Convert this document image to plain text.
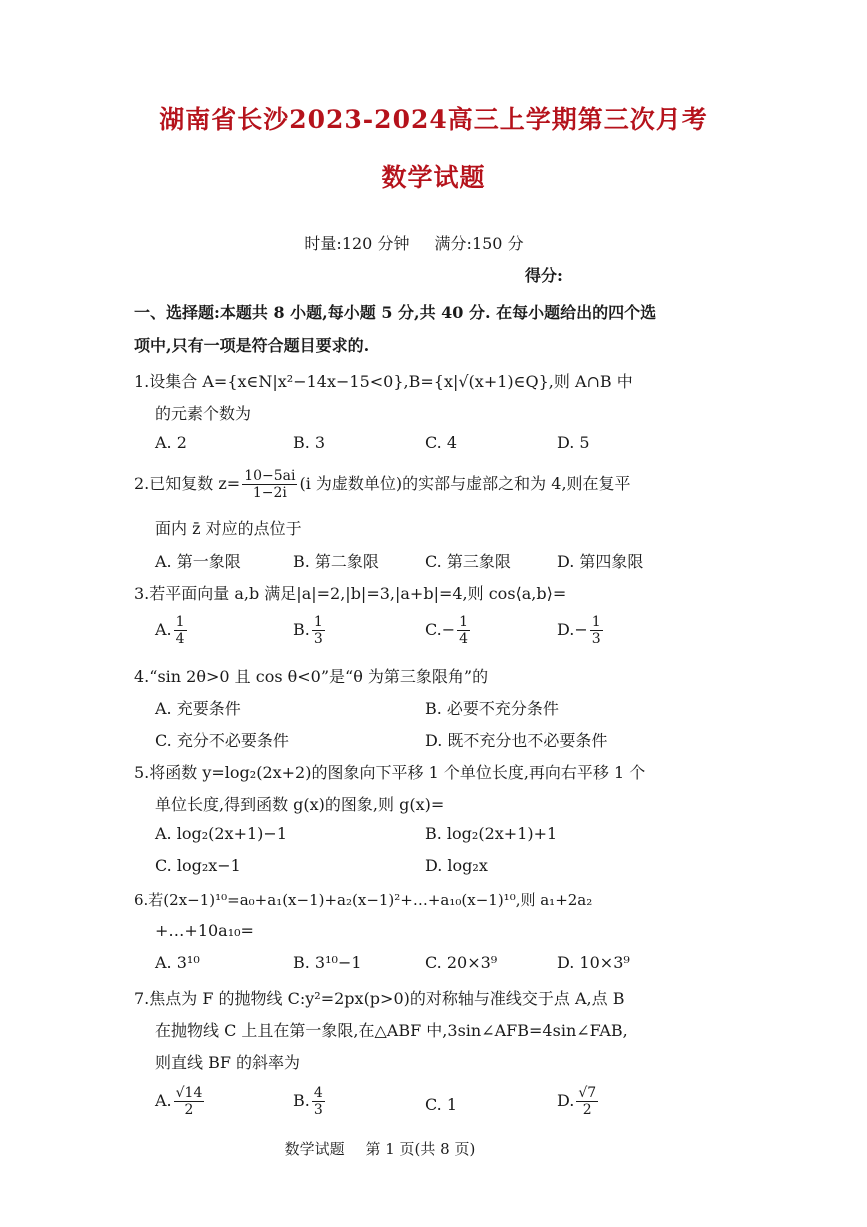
湖南省长沙2023-2024高三上学期第三次月考
数学试题
时量:120 分钟 满分:150 分
得分:
一、选择题:本题共 8 小题,每小题 5 分,共 40 分. 在每小题给出的四个选
项中,只有一项是符合题目要求的.
1.设集合 A={x∈N|x²−14x−15<0},B={x|√(x+1)∈Q},则 A∩B 中
的元素个数为
A. 2	B. 3	C. 4	D. 5
2.已知复数 $z= \frac{10-5ai}{1-2i} (i$ 为虚数单位)的实部与虚部之和为 4,则在复平
面内 z̄ 对应的点位于
A. 第一象限	B. 第二象限	C. 第三象限	D. 第四象限
3.若平面向量 a,b 满足|a|=2,|b|=3,|a+b|=4,则 cos⟨a,b⟩=
A. $\frac{1}{4}$	B. $\frac{1}{3}$	$C.- \frac{1}{4}$	$D.- \frac{1}{3}$
4.“sin 2θ>0 且 cos θ<0”是“θ 为第三象限角”的
A. 充要条件	B. 必要不充分条件
C. 充分不必要条件	D. 既不充分也不必要条件
5.将函数 y=log₂(2x+2)的图象向下平移 1 个单位长度,再向右平移 1 个
单位长度,得到函数 g(x)的图象,则 g(x)=
A. log₂(2x+1)−1	B. log₂(2x+1)+1
C. log₂x−1	D. log₂x
6.若(2x−1)¹⁰=a₀+a₁(x−1)+a₂(x−1)²+…+a₁₀(x−1)¹⁰,则 a₁+2a₂
+…+10a₁₀=
A. 3¹⁰	B. 3¹⁰−1	C. 20×3⁹	D. 10×3⁹
7.焦点为 F 的抛物线 C:y²=2px(p>0)的对称轴与准线交于点 A,点 B
在抛物线 C 上且在第一象限,在△ABF 中,3sin∠AFB=4sin∠FAB,
则直线 BF 的斜率为
A. $\frac{√14}{2}$	B. $\frac{4}{3}$	C. 1	D. $\frac{√7}{2}$
数学试题 第 1 页(共 8 页)
